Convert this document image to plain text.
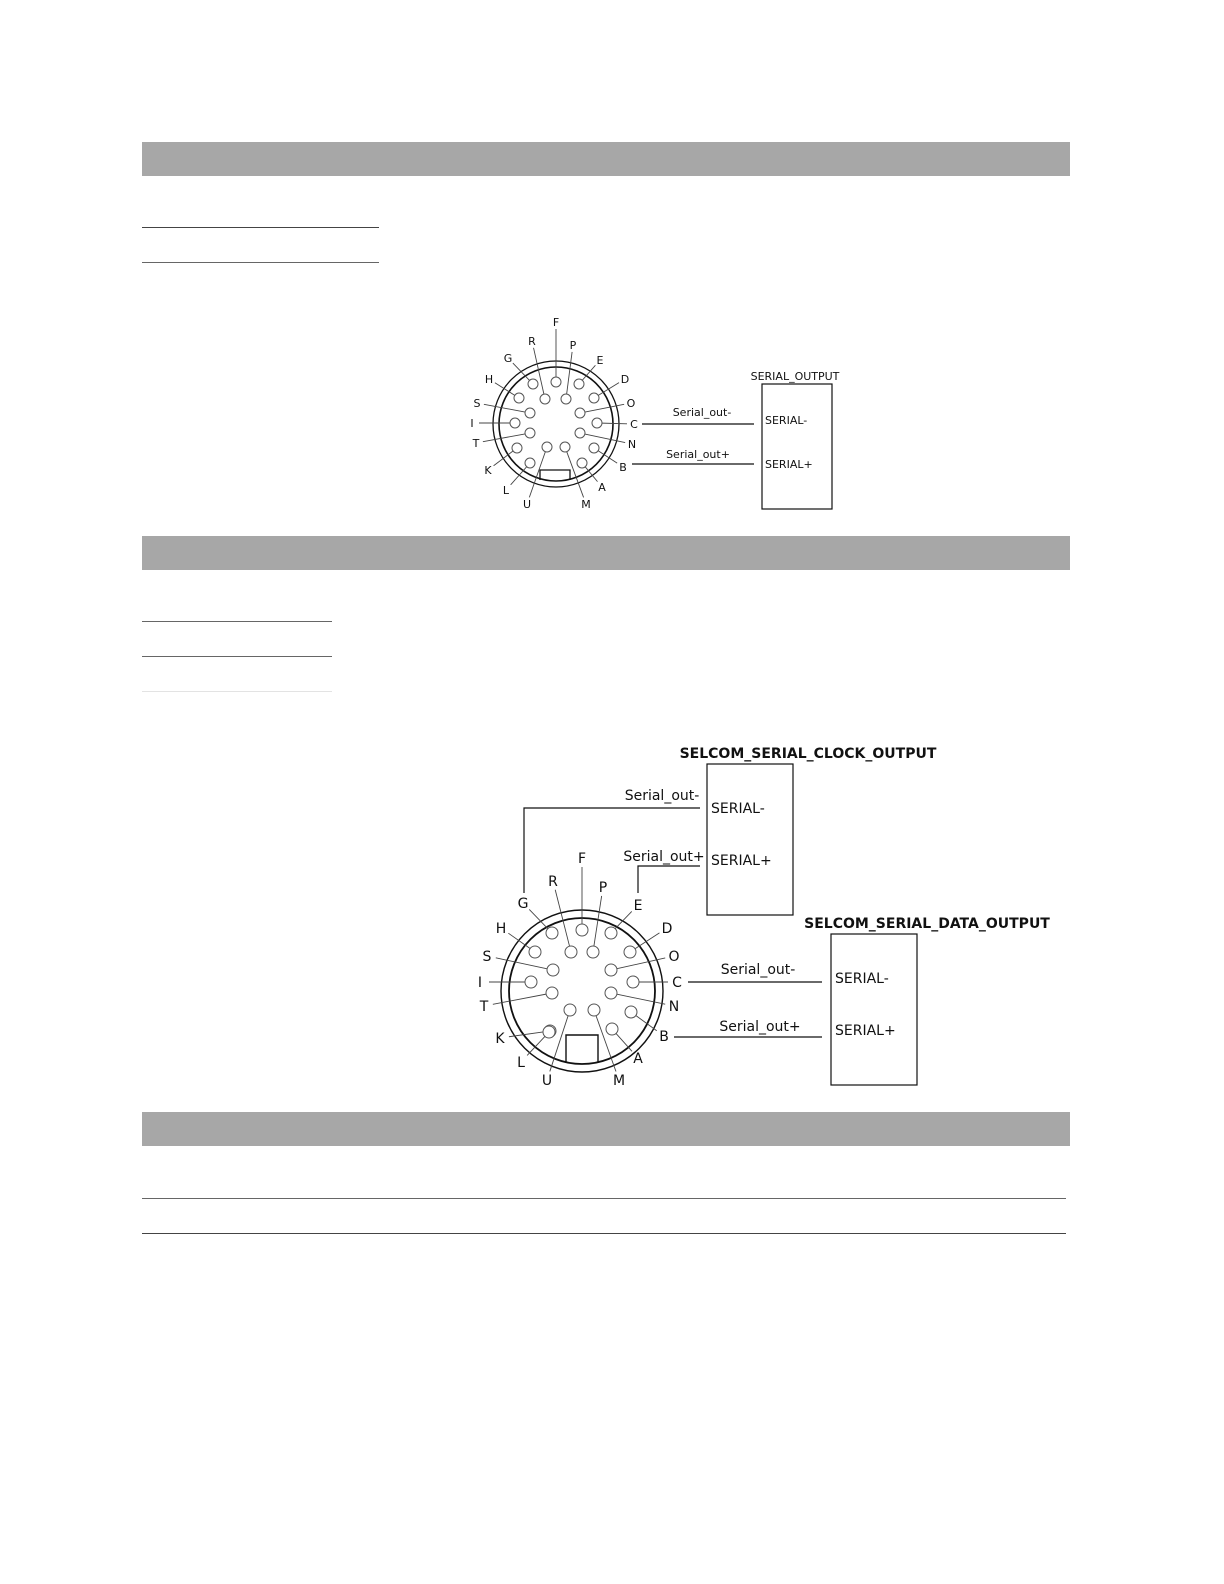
F
R	P
G	E
H	D
S	O
I	C
T	N
K	B
L	A
U	M
SERIAL_OUTPUT
SERIAL-
SERIAL+
Serial_out-
Serial_out+
F
R	P
G	E
H	D
S	O
I	C
T	N
K	B
L	A
U	M
SELCOM_SERIAL_CLOCK_OUTPUT
SERIAL-
SERIAL+
SELCOM_SERIAL_DATA_OUTPUT
SERIAL-
SERIAL+
Serial_out-
Serial_out+
Serial_out-
Serial_out+
